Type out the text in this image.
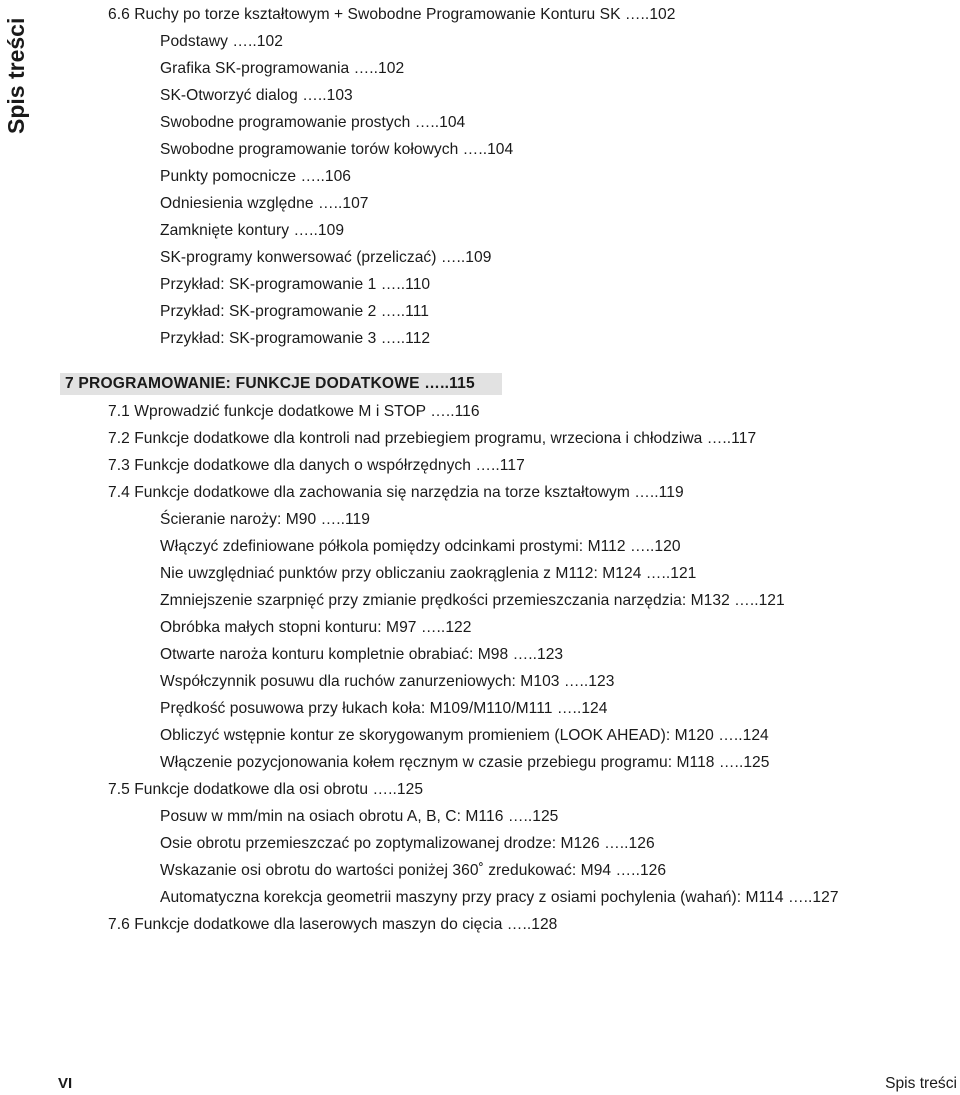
Spis treści
6.6 Ruchy po torze kształtowym + Swobodne Programowanie Konturu SK …..102
Podstawy …..102
Grafika SK-programowania …..102
SK-Otworzyć dialog …..103
Swobodne programowanie prostych …..104
Swobodne programowanie torów kołowych …..104
Punkty pomocnicze …..106
Odniesienia względne …..107
Zamknięte kontury …..109
SK-programy konwersować (przeliczać) …..109
Przykład: SK-programowanie 1 …..110
Przykład: SK-programowanie 2 …..111
Przykład: SK-programowanie 3 …..112
7 PROGRAMOWANIE: FUNKCJE DODATKOWE …..115
7.1 Wprowadzić funkcje dodatkowe M i STOP …..116
7.2 Funkcje dodatkowe dla kontroli nad przebiegiem programu, wrzeciona i chłodziwa …..117
7.3 Funkcje dodatkowe dla danych o współrzędnych …..117
7.4 Funkcje dodatkowe dla zachowania się narzędzia na torze kształtowym …..119
Ścieranie naroży: M90 …..119
Włączyć zdefiniowane półkola pomiędzy odcinkami prostymi: M112 …..120
Nie uwzględniać punktów przy obliczaniu zaokrąglenia z M112: M124 …..121
Zmniejszenie szarpnięć przy zmianie prędkości przemieszczania narzędzia: M132 …..121
Obróbka małych stopni konturu: M97 …..122
Otwarte naroża konturu kompletnie obrabiać: M98 …..123
Współczynnik posuwu dla ruchów zanurzeniowych: M103 …..123
Prędkość posuwowa przy łukach koła: M109/M110/M111 …..124
Obliczyć wstępnie kontur ze skorygowanym promieniem (LOOK AHEAD): M120 …..124
Włączenie pozycjonowania kołem ręcznym w czasie przebiegu programu: M118 …..125
7.5 Funkcje dodatkowe dla osi obrotu …..125
Posuw w mm/min na osiach obrotu A, B, C: M116 …..125
Osie obrotu przemieszczać po zoptymalizowanej drodze: M126 …..126
Wskazanie osi obrotu do wartości poniżej 360˚ zredukować: M94 …..126
Automatyczna korekcja geometrii maszyny przy pracy z osiami pochylenia (wahań): M114 …..127
7.6 Funkcje dodatkowe dla laserowych maszyn do cięcia …..128
VI	Spis treści
